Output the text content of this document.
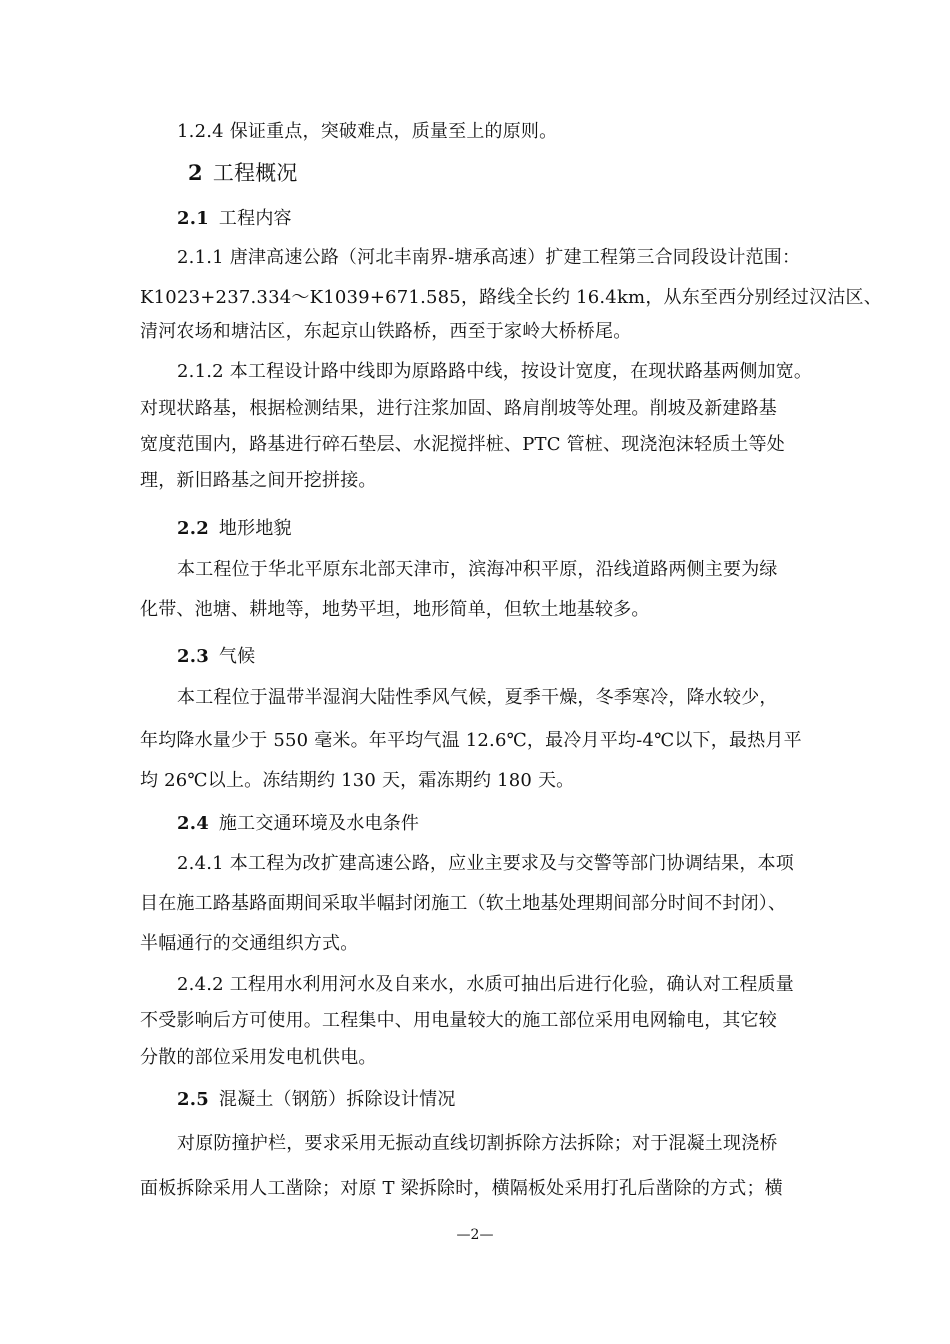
1.2.4 保证重点，突破难点，质量至上的原则。
2 工程概况
2.1 工程内容
2.1.1 唐津高速公路（河北丰南界-塘承高速）扩建工程第三合同段设计范围：
K1023+237.334～K1039+671.585，路线全长约 16.4km，从东至西分别经过汉沽区、
清河农场和塘沽区，东起京山铁路桥，西至于家岭大桥桥尾。
2.1.2 本工程设计路中线即为原路路中线，按设计宽度，在现状路基两侧加宽。
对现状路基，根据检测结果，进行注浆加固、路肩削坡等处理。削坡及新建路基
宽度范围内，路基进行碎石垫层、水泥搅拌桩、PTC 管桩、现浇泡沫轻质土等处
理，新旧路基之间开挖拼接。
2.2 地形地貌
本工程位于华北平原东北部天津市，滨海冲积平原，沿线道路两侧主要为绿
化带、池塘、耕地等，地势平坦，地形简单，但软土地基较多。
2.3 气候
本工程位于温带半湿润大陆性季风气候，夏季干燥，冬季寒冷，降水较少，
年均降水量少于 550 毫米。年平均气温 12.6℃，最冷月平均-4℃以下，最热月平
均 26℃以上。冻结期约 130 天，霜冻期约 180 天。
2.4 施工交通环境及水电条件
2.4.1 本工程为改扩建高速公路，应业主要求及与交警等部门协调结果，本项
目在施工路基路面期间采取半幅封闭施工（软土地基处理期间部分时间不封闭）、
半幅通行的交通组织方式。
2.4.2 工程用水利用河水及自来水，水质可抽出后进行化验，确认对工程质量
不受影响后方可使用。工程集中、用电量较大的施工部位采用电网输电，其它较
分散的部位采用发电机供电。
2.5 混凝土（钢筋）拆除设计情况
对原防撞护栏，要求采用无振动直线切割拆除方法拆除；对于混凝土现浇桥
面板拆除采用人工凿除；对原 T 梁拆除时，横隔板处采用打孔后凿除的方式；横
—2—
